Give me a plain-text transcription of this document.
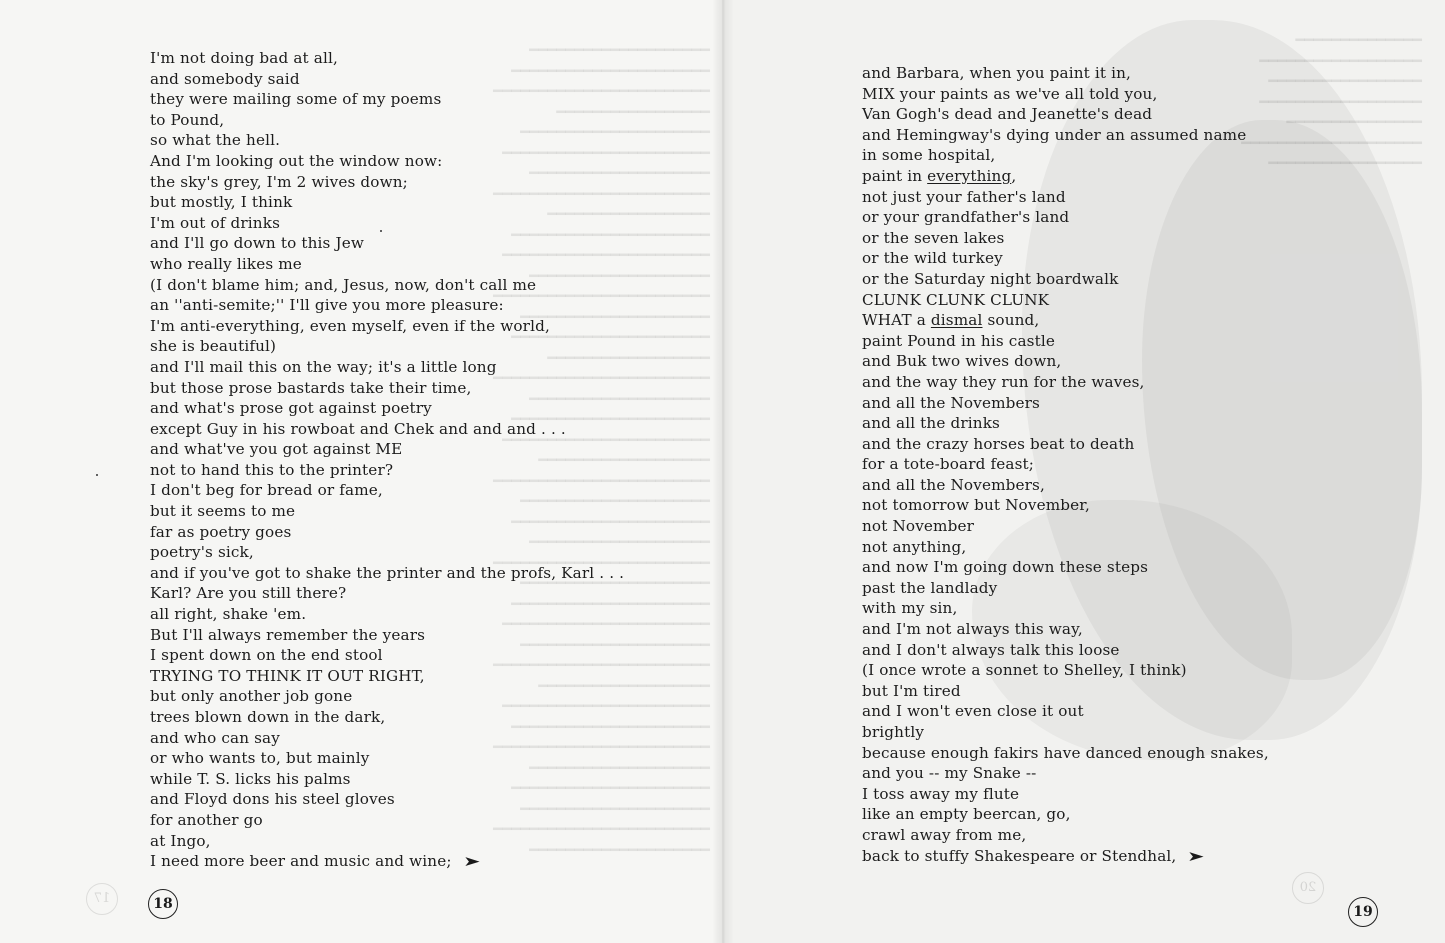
━━━━━━━━━━━━━━━━━━━━
━━━━━━━━━━━━━━━━━━━━━━
━━━━━━━━━━━━━━━━━━━━━━━━
━━━━━━━━━━━━━━━━━
━━━━━━━━━━━━━━━━━━━━━
━━━━━━━━━━━━━━━━━━━━━━━
━━━━━━━━━━━━━━━━━━━━
━━━━━━━━━━━━━━━━━━━━━━━━
━━━━━━━━━━━━━━━━━━
━━━━━━━━━━━━━━━━━━━━━━
━━━━━━━━━━━━━━━━━━━━━━━
━━━━━━━━━━━━━━━━━━━━
━━━━━━━━━━━━━━━━━━━━━━━━
━━━━━━━━━━━━━━━━━━━━━
━━━━━━━━━━━━━━━━━━━━━━
━━━━━━━━━━━━━━━━━━
━━━━━━━━━━━━━━━━━━━━━━━━
━━━━━━━━━━━━━━━━━━━━
━━━━━━━━━━━━━━━━━━━━━━
━━━━━━━━━━━━━━━━━━━━━━━
━━━━━━━━━━━━━━━━━━━
━━━━━━━━━━━━━━━━━━━━━━━━
━━━━━━━━━━━━━━━━━━━━━
━━━━━━━━━━━━━━━━━━━━━━
━━━━━━━━━━━━━━━━━━━━
━━━━━━━━━━━━━━━━━━━━━━━━
━━━━━━━━━━━━━━━━━━━━━
━━━━━━━━━━━━━━━━━━━━━━
━━━━━━━━━━━━━━━━━━━━━━━
━━━━━━━━━━━━━━━━━━━━━
━━━━━━━━━━━━━━━━━━━━━━━━
━━━━━━━━━━━━━━━━━━━
━━━━━━━━━━━━━━━━━━━━━━━
━━━━━━━━━━━━━━━━━━━━━━
━━━━━━━━━━━━━━━━━━━━━━━━
━━━━━━━━━━━━━━━━━━━━
━━━━━━━━━━━━━━━━━━━━━━
━━━━━━━━━━━━━━━━━━━━━
━━━━━━━━━━━━━━━━━━━━━━━━
━━━━━━━━━━━━━━━━━━━━
17
━━━━━━━━━━━━━━
━━━━━━━━━━━━━━━━━━
━━━━━━━━━━━━━━━━━
━━━━━━━━━━━━━━━━━━
━━━━━━━━━━━━━━━
━━━━━━━━━━━━━━━━━━━━
━━━━━━━━━━━━━━━━━
20
I'm not doing bad at all,
and somebody said
they were mailing some of my poems
to Pound,
so what the hell.
And I'm looking out the window now:
the sky's grey, I'm 2 wives down;
but mostly, I think
I'm out of drinks
and I'll go down to this Jew
who really likes me
(I don't blame him; and, Jesus, now, don't call me
an ''anti-semite;'' I'll give you more pleasure:
I'm anti-everything, even myself, even if the world,
she is beautiful)
and I'll mail this on the way; it's a little long
but those prose bastards take their time,
and what's prose got against poetry
except Guy in his rowboat and Chek and and and . . .
and what've you got against ME
not to hand this to the printer?
I don't beg for bread or fame,
but it seems to me
far as poetry goes
poetry's sick,
and if you've got to shake the printer and the profs, Karl . . .
Karl? Are you still there?
all right, shake 'em.
But I'll always remember the years
I spent down on the end stool
TRYING TO THINK IT OUT RIGHT,
but only another job gone
trees blown down in the dark,
and who can say
or who wants to, but mainly
while T. S. licks his palms
and Floyd dons his steel gloves
for another go
at Ingo,
I need more beer and music and wine; ➤
and Barbara, when you paint it in,
MIX your paints as we've all told you,
Van Gogh's dead and Jeanette's dead
and Hemingway's dying under an assumed name
in some hospital,
paint in everything,
not just your father's land
or your grandfather's land
or the seven lakes
or the wild turkey
or the Saturday night boardwalk
CLUNK CLUNK CLUNK
WHAT a dismal sound,
paint Pound in his castle
and Buk two wives down,
and the way they run for the waves,
and all the Novembers
and all the drinks
and the crazy horses beat to death
for a tote-board feast;
and all the Novembers,
not tomorrow but November,
not November
not anything,
and now I'm going down these steps
past the landlady
with my sin,
and I'm not always this way,
and I don't always talk this loose
(I once wrote a sonnet to Shelley, I think)
but I'm tired
and I won't even close it out
brightly
because enough fakirs have danced enough snakes,
and you -- my Snake --
I toss away my flute
like an empty beercan, go,
crawl away from me,
back to stuffy Shakespeare or Stendhal, ➤
18	19
